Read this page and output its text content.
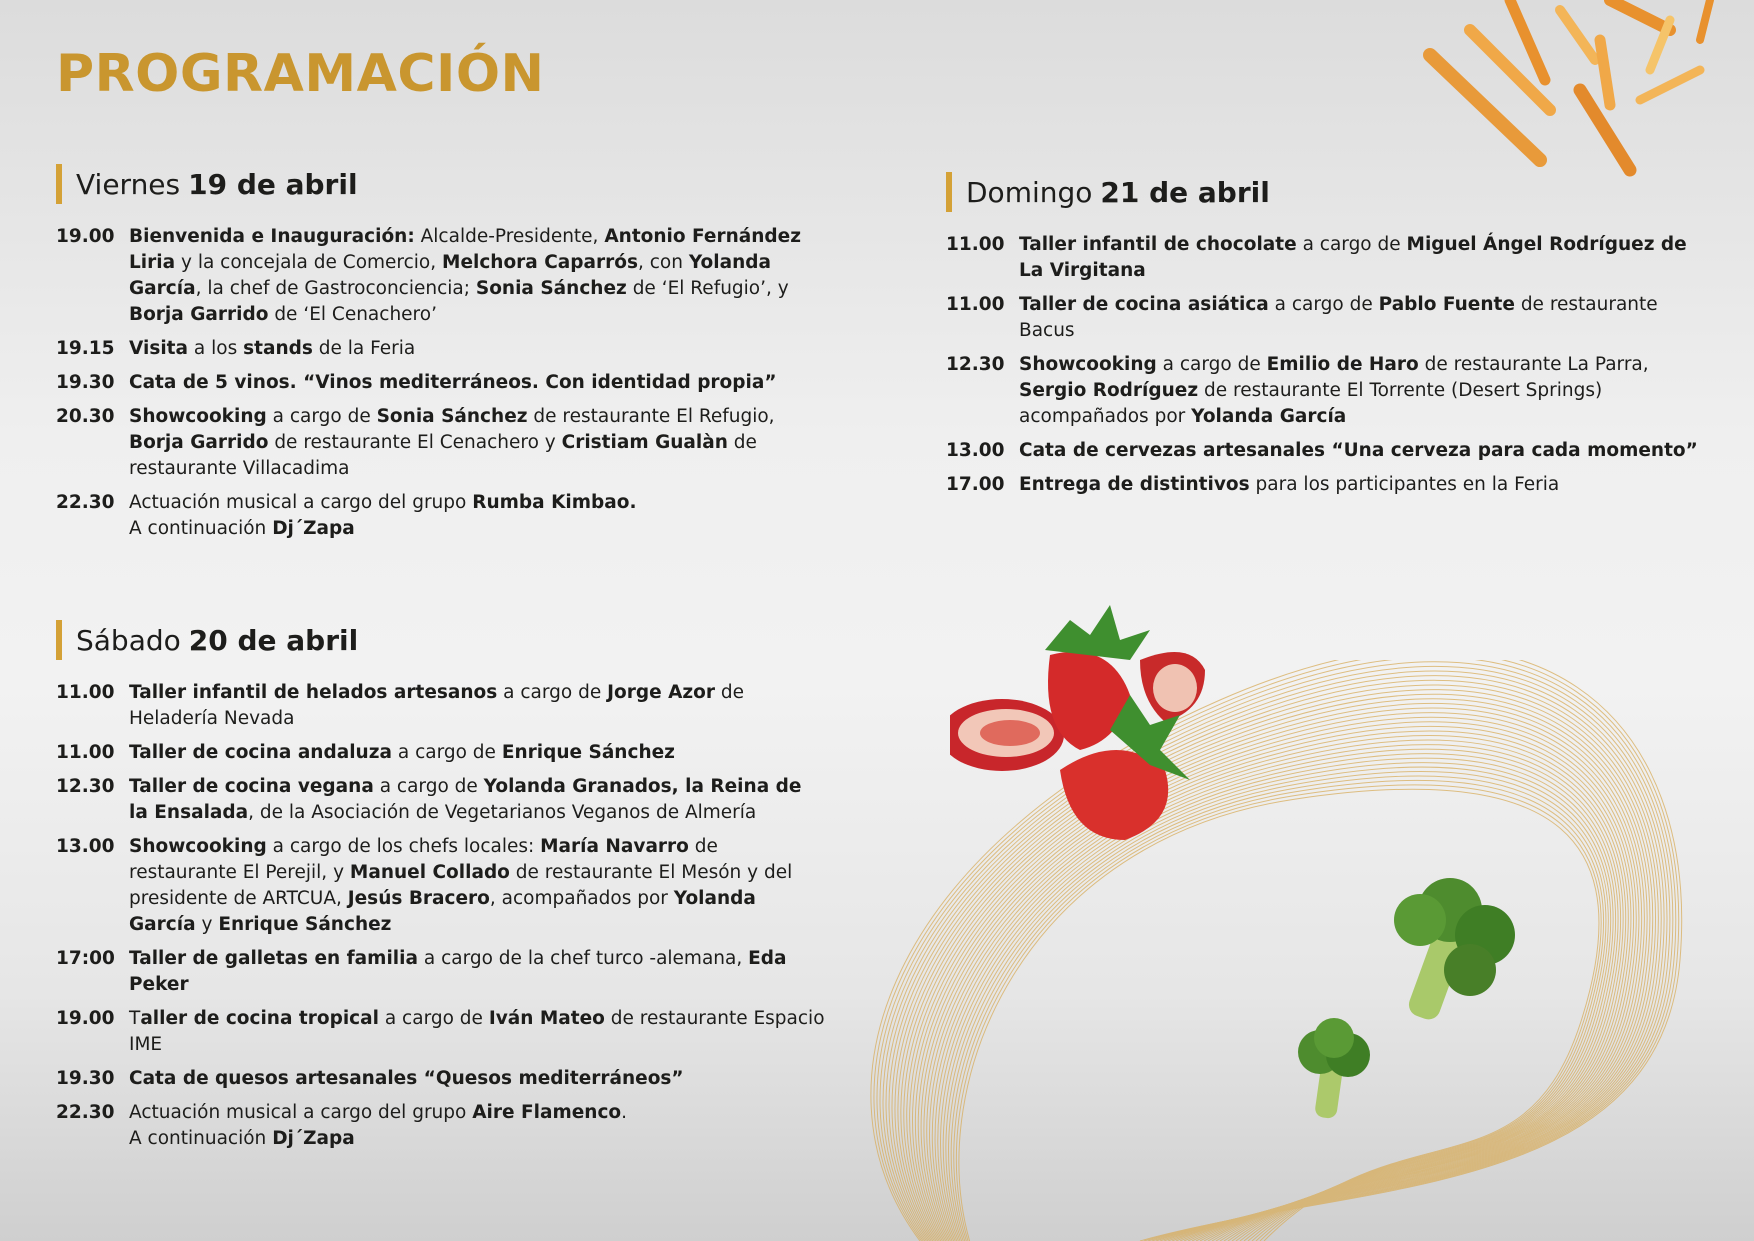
PROGRAMACIÓN
Viernes 19 de abril
19.00 Bienvenida e Inauguración: Alcalde-Presidente, Antonio Fernández Liria y la concejala de Comercio, Melchora Caparrós, con Yolanda García, la chef de Gastroconciencia; Sonia Sánchez de ‘El Refugio’, y Borja Garrido de ‘El Cenachero’
19.15 Visita a los stands de la Feria
19.30 Cata de 5 vinos. “Vinos mediterráneos. Con identidad propia”
20.30 Showcooking a cargo de Sonia Sánchez de restaurante El Refugio, Borja Garrido de restaurante El Cenachero y Cristiam Gualàn de restaurante Villacadima
22.30 Actuación musical a cargo del grupo Rumba Kimbao.
A continuación Dj´Zapa
Sábado 20 de abril
11.00 Taller infantil de helados artesanos a cargo de Jorge Azor de Heladería Nevada
11.00 Taller de cocina andaluza a cargo de Enrique Sánchez
12.30 Taller de cocina vegana a cargo de Yolanda Granados, la Reina de la Ensalada, de la Asociación de Vegetarianos Veganos de Almería
13.00 Showcooking a cargo de los chefs locales: María Navarro de restaurante El Perejil, y Manuel Collado de restaurante El Mesón y del presidente de ARTCUA, Jesús Bracero, acompañados por Yolanda García y Enrique Sánchez
17:00 Taller de galletas en familia a cargo de la chef turco -alemana, Eda Peker
19.00 Taller de cocina tropical a cargo de Iván Mateo de restaurante Espacio IME
19.30 Cata de quesos artesanales “Quesos mediterráneos”
22.30 Actuación musical a cargo del grupo Aire Flamenco.
A continuación Dj´Zapa
Domingo 21 de abril
11.00 Taller infantil de chocolate a cargo de Miguel Ángel Rodríguez de La Virgitana
11.00 Taller de cocina asiática a cargo de Pablo Fuente de restaurante Bacus
12.30 Showcooking a cargo de Emilio de Haro de restaurante La Parra, Sergio Rodríguez de restaurante El Torrente (Desert Springs) acompañados por Yolanda García
13.00 Cata de cervezas artesanales “Una cerveza para cada momento”
17.00 Entrega de distintivos para los participantes en la Feria
